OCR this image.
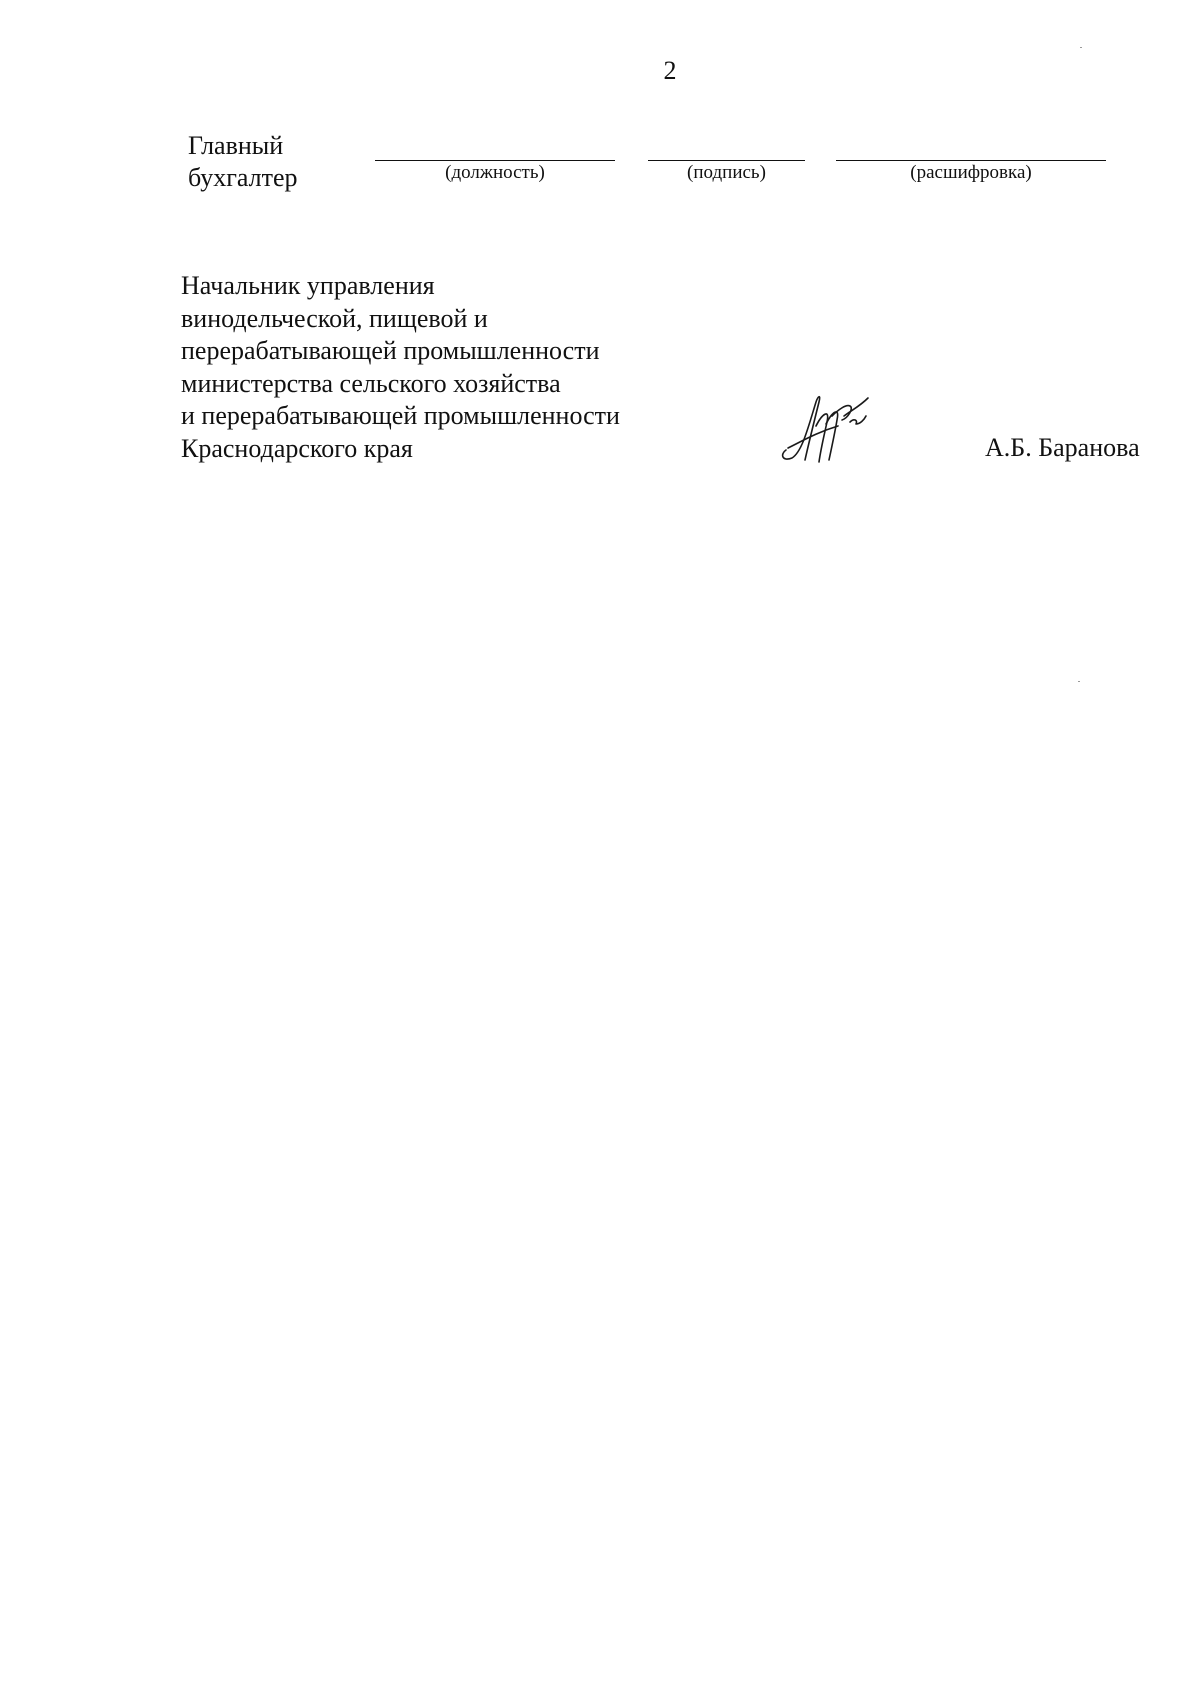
2
Главный
бухгалтер	(должность)	(подпись)	(расшифровка)
Начальник управления
винодельческой, пищевой и
перерабатывающей промышленности
министерства сельского хозяйства
и перерабатывающей промышленности
Краснодарского края	А.Б. Баранова
